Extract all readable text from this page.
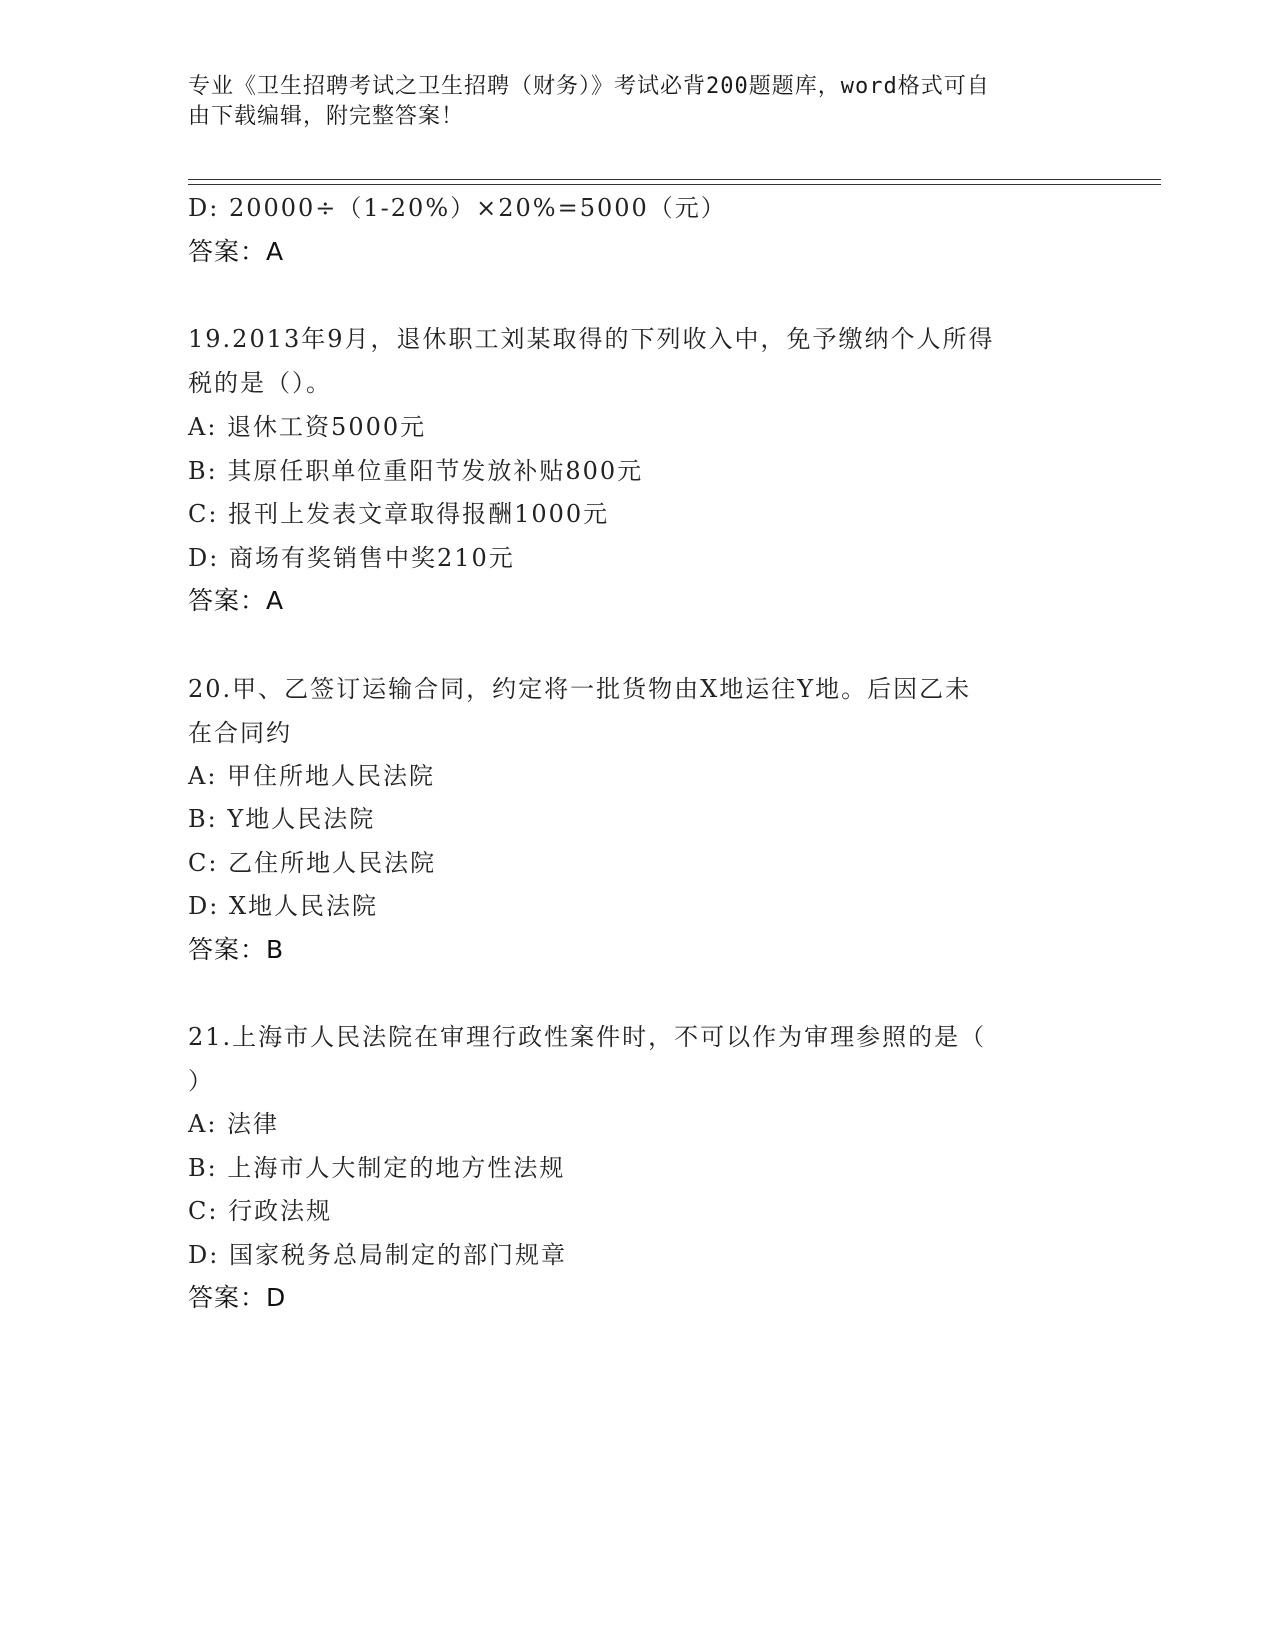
专业《卫生招聘考试之卫生招聘（财务）》考试必背200题题库，word格式可自
由下载编辑，附完整答案！
D: 20000÷（1-20%）×20%=5000（元）
答案：A
19.2013年9月，退休职工刘某取得的下列收入中，免予缴纳个人所得
税的是（）。
A: 退休工资5000元
B: 其原任职单位重阳节发放补贴800元
C: 报刊上发表文章取得报酬1000元
D: 商场有奖销售中奖210元
答案：A
20.甲、乙签订运输合同，约定将一批货物由X地运往Y地。后因乙未
在合同约
A: 甲住所地人民法院
B: Y地人民法院
C: 乙住所地人民法院
D: X地人民法院
答案：B
21.上海市人民法院在审理行政性案件时，不可以作为审理参照的是（
）
A: 法律
B: 上海市人大制定的地方性法规
C: 行政法规
D: 国家税务总局制定的部门规章
答案：D
